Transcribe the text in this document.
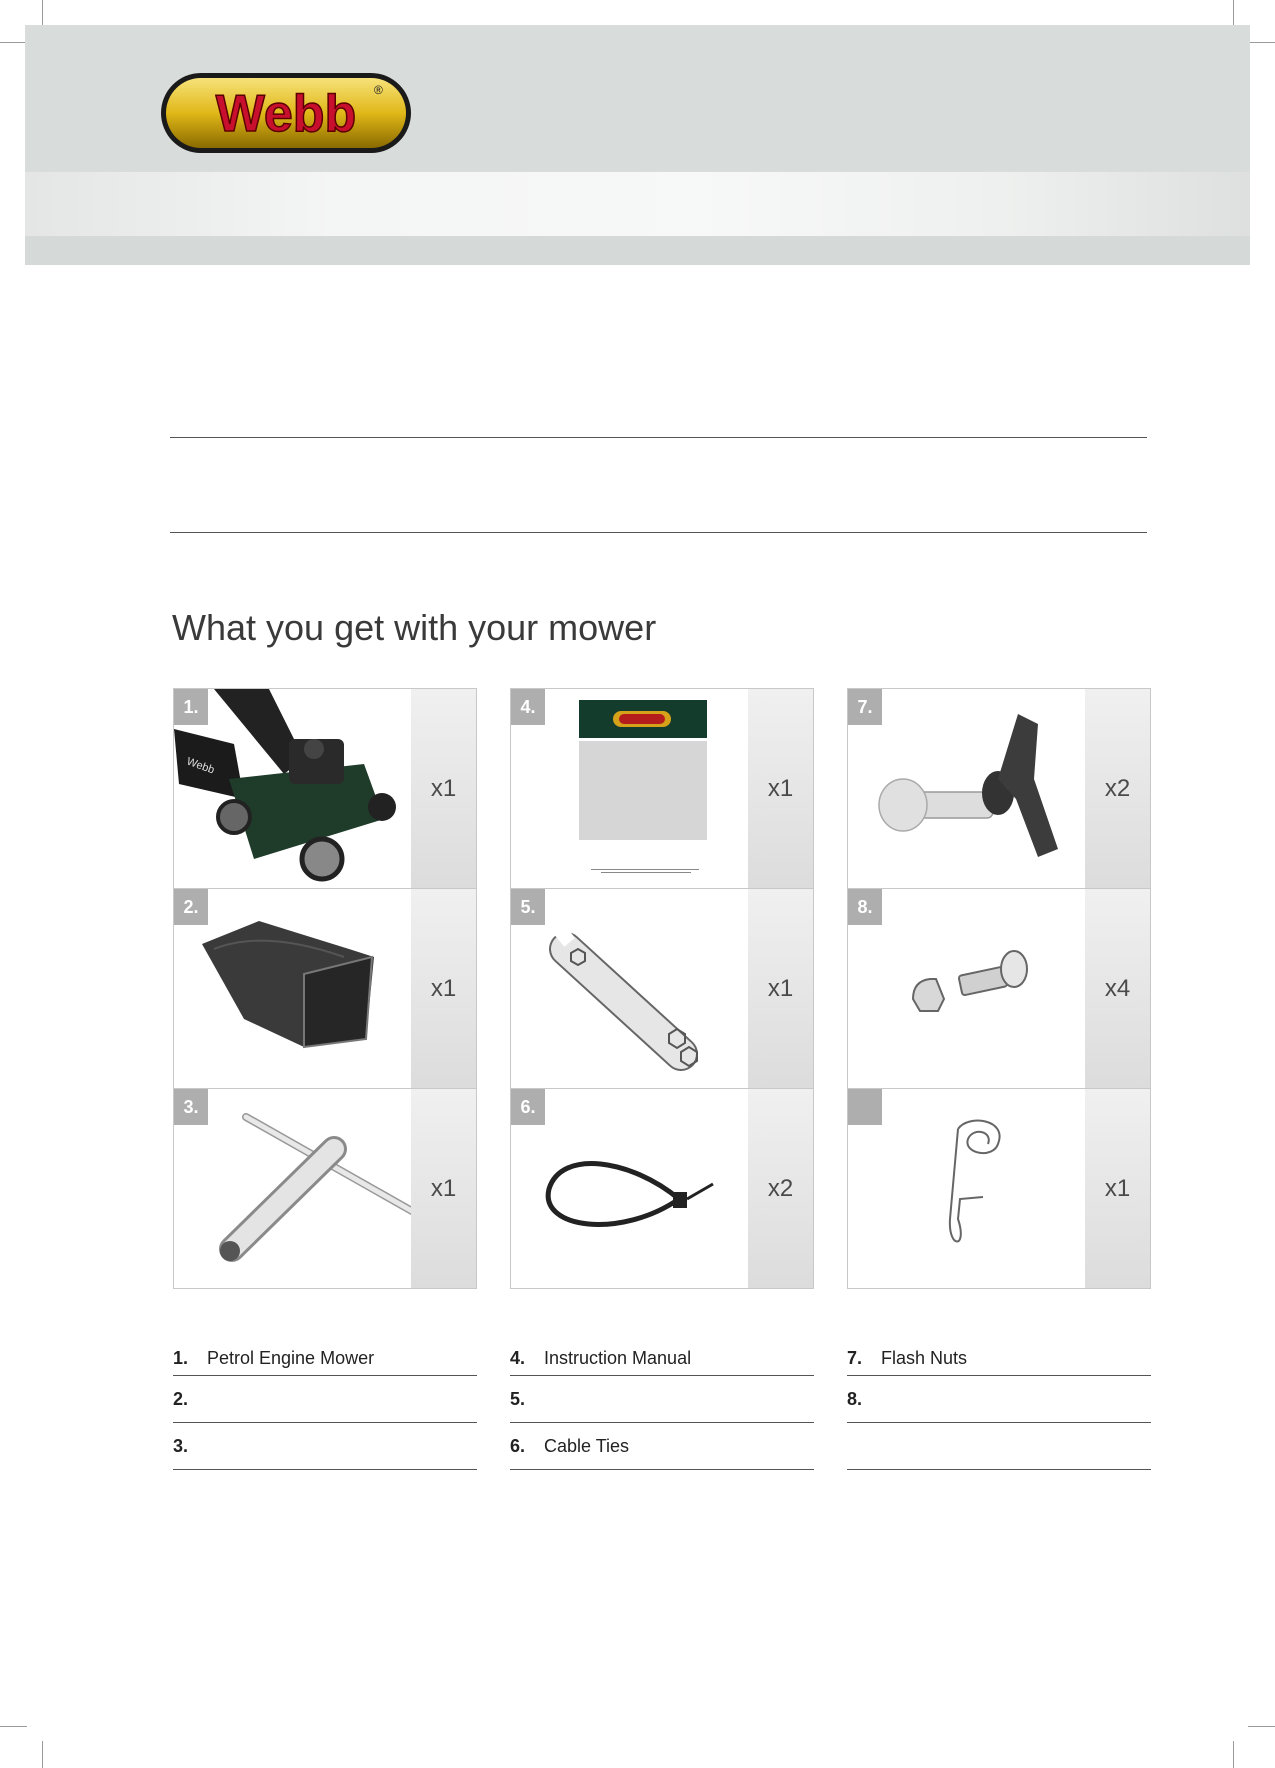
Webb ®
What you get with your mower
Webb
1.
x1
2.
x1
3.
x1
4.
x1
5.
x1
6.
x2
7.
x2
8.
x4
x1
1.	Petrol Engine Mower
2.
3.
4.	Instruction Manual
5.
6.	Cable Ties
7.	Flash Nuts
8.
